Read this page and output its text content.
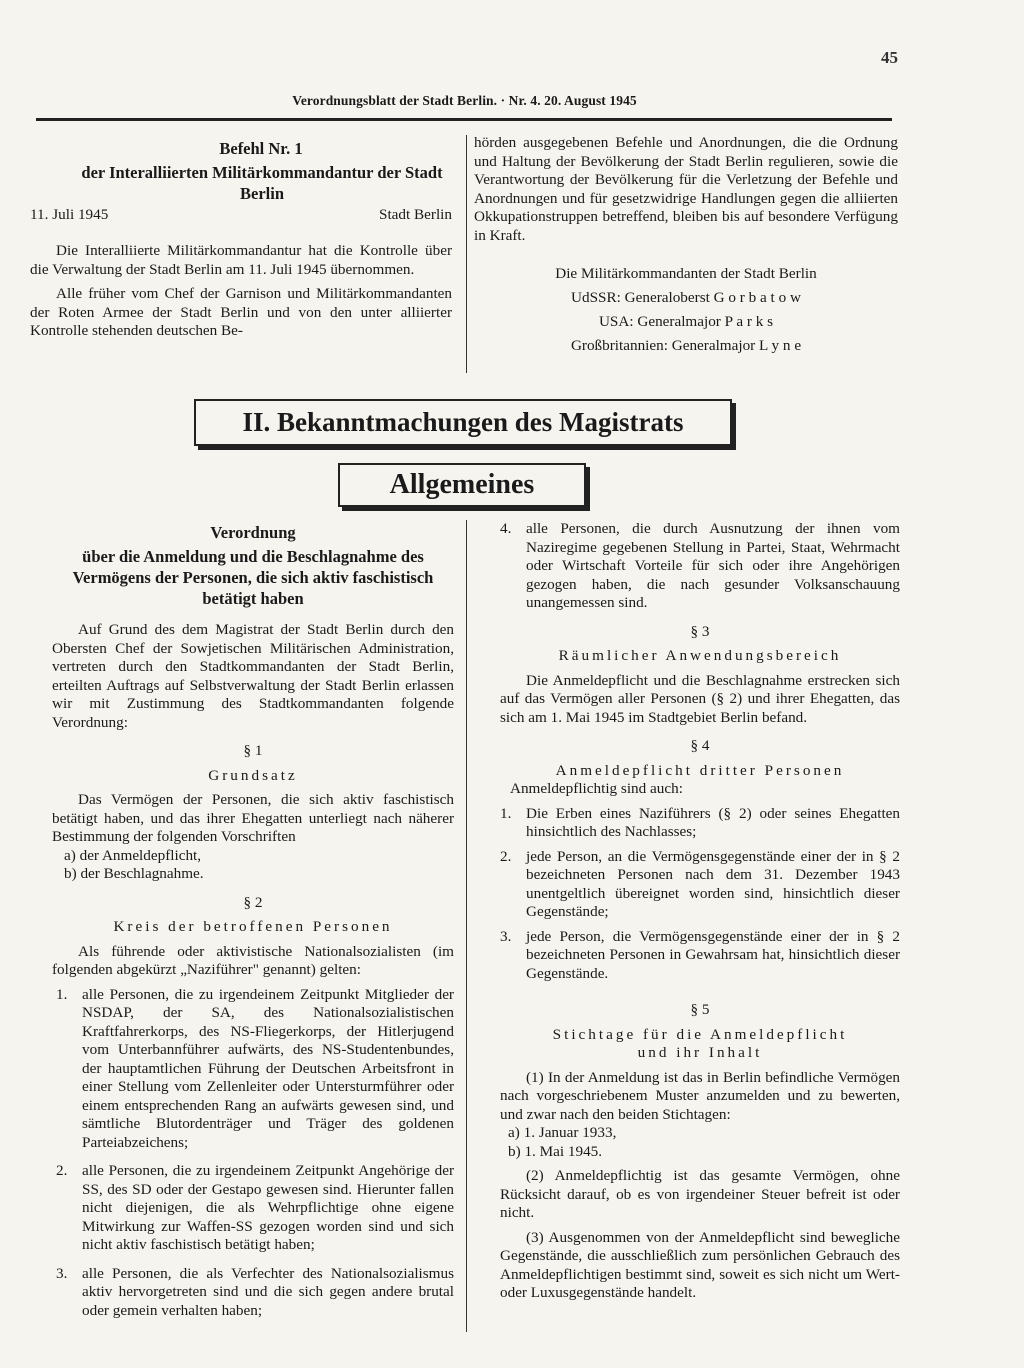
45
Verordnungsblatt der Stadt Berlin. · Nr. 4. 20. August 1945

Befehl Nr. 1

der Interalliierten Militärkommandantur der Stadt Berlin

11. Juli 1945	Stadt Berlin

Die Interalliierte Militärkommandantur hat die Kontrolle über die Verwaltung der Stadt Berlin am 11. Juli 1945 übernommen.

Alle früher vom Chef der Garnison und Militärkommandanten der Roten Armee der Stadt Berlin und von den unter alliierter Kontrolle stehenden deutschen Be-

hörden ausgegebenen Befehle und Anordnungen, die die Ordnung und Haltung der Bevölkerung der Stadt Berlin regulieren, sowie die Verantwortung der Bevölkerung für die Verletzung der Befehle und Anordnungen und für gesetzwidrige Handlungen gegen die alliierten Okkupationstruppen betreffend, bleiben bis auf besondere Verfügung in Kraft.

Die Militärkommandanten der Stadt Berlin

UdSSR: Generaloberst G o r b a t o w

USA: Generalmajor P a r k s

Großbritannien: Generalmajor L y n e

II. Bekanntmachungen des Magistrats
Allgemeines

Verordnung

über die Anmeldung und die Beschlagnahme des Vermögens der Personen, die sich aktiv faschistisch betätigt haben

Auf Grund des dem Magistrat der Stadt Berlin durch den Obersten Chef der Sowjetischen Militärischen Administration, vertreten durch den Stadtkommandanten der Stadt Berlin, erteilten Auftrags auf Selbstverwaltung der Stadt Berlin erlassen wir mit Zustimmung des Stadtkommandanten folgende Verordnung:

§ 1

Grundsatz

Das Vermögen der Personen, die sich aktiv faschistisch betätigt haben, und das ihrer Ehegatten unterliegt nach näherer Bestimmung der folgenden Vorschriften

a) der Anmeldepflicht,

b) der Beschlagnahme.

§ 2

Kreis der betroffenen Personen

Als führende oder aktivistische Nationalsozialisten (im folgenden abgekürzt „Naziführer" genannt) gelten:

1. alle Personen, die zu irgendeinem Zeitpunkt Mitglieder der NSDAP, der SA, des Nationalsozialistischen Kraftfahrerkorps, des NS-Fliegerkorps, der Hitlerjugend vom Unterbannführer aufwärts, des NS-Studentenbundes, der hauptamtlichen Führung der Deutschen Arbeitsfront in einer Stellung vom Zellenleiter oder Untersturmführer oder einem entsprechenden Rang an aufwärts gewesen sind, und sämtliche Blutordenträger und Träger des goldenen Parteiabzeichens;
2. alle Personen, die zu irgendeinem Zeitpunkt Angehörige der SS, des SD oder der Gestapo gewesen sind. Hierunter fallen nicht diejenigen, die als Wehrpflichtige ohne eigene Mitwirkung zur Waffen-SS gezogen worden sind und sich nicht aktiv faschistisch betätigt haben;
3. alle Personen, die als Verfechter des Nationalsozialismus aktiv hervorgetreten sind und die sich gegen andere brutal oder gemein verhalten haben;
4. alle Personen, die durch Ausnutzung der ihnen vom Naziregime gegebenen Stellung in Partei, Staat, Wehrmacht oder Wirtschaft Vorteile für sich oder ihre Angehörigen gezogen haben, die nach gesunder Volksanschauung unangemessen sind.

§ 3

Räumlicher Anwendungsbereich

Die Anmeldepflicht und die Beschlagnahme erstrecken sich auf das Vermögen aller Personen (§ 2) und ihrer Ehegatten, das sich am 1. Mai 1945 im Stadtgebiet Berlin befand.

§ 4

Anmeldepflicht dritter Personen

Anmeldepflichtig sind auch:

1. Die Erben eines Naziführers (§ 2) oder seines Ehegatten hinsichtlich des Nachlasses;
2. jede Person, an die Vermögensgegenstände einer der in § 2 bezeichneten Personen nach dem 31. Dezember 1943 unentgeltlich übereignet worden sind, hinsichtlich dieser Gegenstände;
3. jede Person, die Vermögensgegenstände einer der in § 2 bezeichneten Personen in Gewahrsam hat, hinsichtlich dieser Gegenstände.

§ 5

Stichtage für die Anmeldepflicht

und ihr Inhalt

(1) In der Anmeldung ist das in Berlin befindliche Vermögen nach vorgeschriebenem Muster anzumelden und zu bewerten, und zwar nach den beiden Stichtagen:

a) 1. Januar 1933,

b) 1. Mai 1945.

(2) Anmeldepflichtig ist das gesamte Vermögen, ohne Rücksicht darauf, ob es von irgendeiner Steuer befreit ist oder nicht.

(3) Ausgenommen von der Anmeldepflicht sind bewegliche Gegenstände, die ausschließlich zum persönlichen Gebrauch des Anmeldepflichtigen bestimmt sind, soweit es sich nicht um Wert- oder Luxusgegenstände handelt.
